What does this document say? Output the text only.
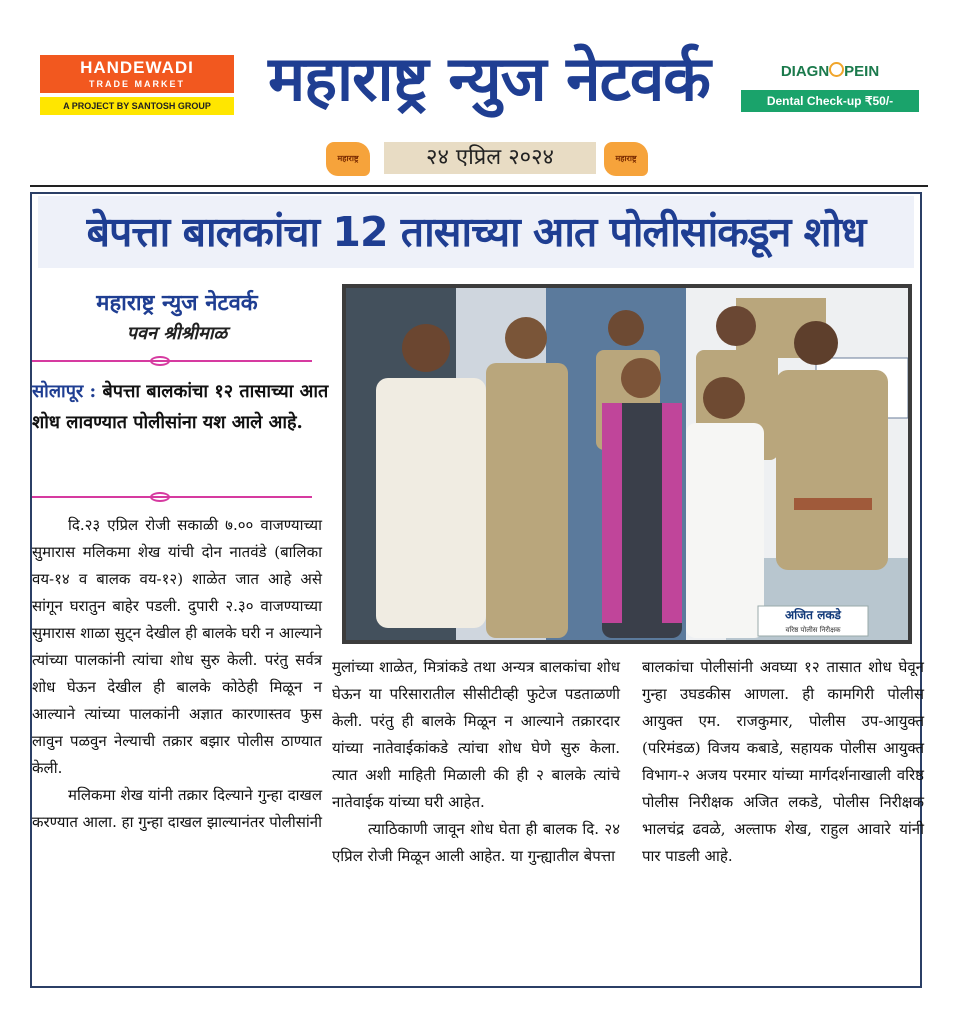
HANDEWADI
TRADE MARKET
A PROJECT BY SANTOSH GROUP महाराष्ट्र न्युज नेटवर्क	DIAGN PEIN
Dental Check-up ₹50/-
महाराष्ट्र	२४ एप्रिल २०२४	महाराष्ट्र
बेपत्ता बालकांचा 12 तासाच्या आत पोलीसांकडून शोध
महाराष्ट्र न्युज नेटवर्क
पवन श्रीश्रीमाळ
सोलापूर : बेपत्ता बालकांचा १२ तासाच्या आत शोध लावण्यात पोलीसांना यश आले आहे.
अजित लकडे
वरिष्ठ पोलीस निरीक्षक

दि.२३ एप्रिल रोजी सकाळी ७.०० वाजण्याच्या सुमारास मलिकमा शेख यांची दोन नातवंडे (बालिका वय-१४ व बालक वय-१२) शाळेत जात आहे असे सांगून घरातुन बाहेर पडली. दुपारी २.३० वाजण्याच्या सुमारास शाळा सुट्न देखील ही बालके घरी न आल्याने त्यांच्या पालकांनी त्यांचा शोध सुरु केली. परंतु सर्वत्र शोध घेऊन देखील ही बालके कोठेही मिळून न आल्याने त्यांच्या पालकांनी अज्ञात कारणास्तव फुस लावुन पळवुन नेल्याची तक्रार बझार पोलीस ठाण्यात केली.

मलिकमा शेख यांनी तक्रार दिल्याने गुन्हा दाखल करण्यात आला. हा गुन्हा दाखल झाल्यानंतर पोलीसांनी

मुलांच्या शाळेत, मित्रांकडे तथा अन्यत्र बालकांचा शोध घेऊन या परिसारातील सीसीटीव्ही फुटेज पडताळणी केली. परंतु ही बालके मिळून न आल्याने तक्रारदार यांच्या नातेवाईकांकडे त्यांचा शोध घेणे सुरु केला. त्यात अशी माहिती मिळाली की ही २ बालके त्यांचे नातेवाईक यांच्या घरी आहेत.

त्याठिकाणी जावून शोध घेता ही बालक दि. २४ एप्रिल रोजी मिळून आली आहेत. या गुन्ह्यातील बेपत्ता

बालकांचा पोलीसांनी अवघ्या १२ तासात शोध घेवून गुन्हा उघडकीस आणला. ही कामगिरी पोलीस आयुक्त एम. राजकुमार, पोलीस उप-आयुक्त (परिमंडळ) विजय कबाडे, सहायक पोलीस आयुक्त विभाग-२ अजय परमार यांच्या मार्गदर्शनाखाली वरिष्ठ पोलीस निरीक्षक अजित लकडे, पोलीस निरीक्षक भालचंद्र ढवळे, अल्ताफ शेख, राहुल आवारे यांनी पार पाडली आहे.
